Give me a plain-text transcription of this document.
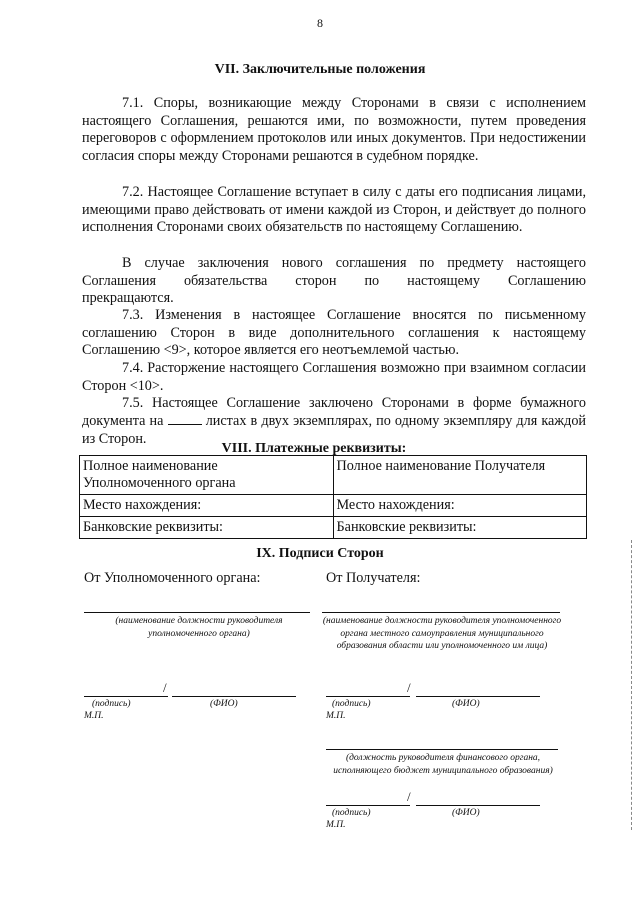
8
VII. Заключительные положения

7.1. Споры, возникающие между Сторонами в связи с исполнением настоящего Соглашения, решаются ими, по возможности, путем проведения переговоров с оформлением протоколов или иных документов. При недостижении согласия споры между Сторонами решаются в судебном порядке.

7.2. Настоящее Соглашение вступает в силу с даты его подписания лицами, имеющими право действовать от имени каждой из Сторон, и действует до полного исполнения Сторонами своих обязательств по настоящему Соглашению.

В случае заключения нового соглашения по предмету настоящего Соглашения обязательства сторон по настоящему Соглашению

прекращаются.

7.3. Изменения в настоящее Соглашение вносятся по письменному соглашению Сторон в виде дополнительного соглашения к настоящему Соглашению <9>, которое является его неотъемлемой частью.

7.4. Расторжение настоящего Соглашения возможно при взаимном согласии Сторон <10>.

7.5. Настоящее Соглашение заключено Сторонами в форме бумажного

документа на	листах в двух экземплярах, по одному экземпляру для каждой из Сторон.

VIII. Платежные реквизиты:
Полное наименование Уполномоченного органа	Полное наименование Получателя
Место нахождения:	Место нахождения:
Банковские реквизиты:	Банковские реквизиты:
IX. Подписи Сторон
От Уполномоченного органа:	От Получателя:
(наименование должности руководителя уполномоченного органа)
/
(подпись)	(ФИО)
М.П.
(наименование должности руководителя уполномоченного органа местного самоуправления муниципального образования области или уполномоченного им лица)
/
(подпись)	(ФИО)
М.П.
(должность руководителя финансового органа, исполняющего бюджет муниципального образования)
/
(подпись)	(ФИО)
М.П.
